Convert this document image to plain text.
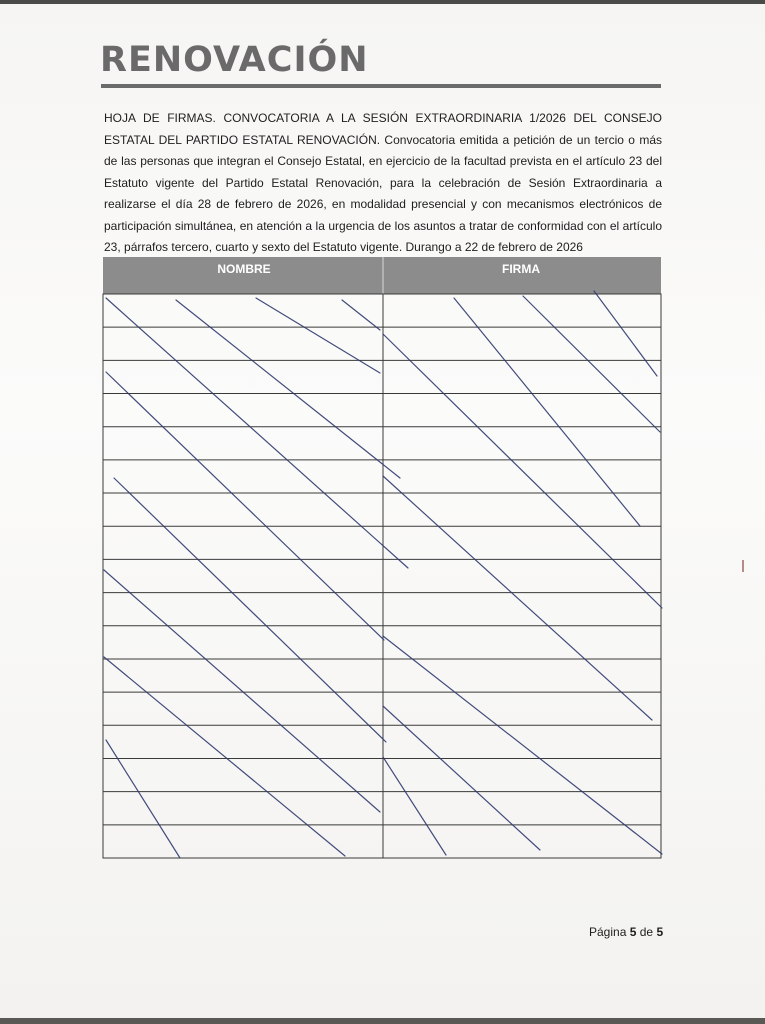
RENOVACIÓN
HOJA DE FIRMAS. CONVOCATORIA A LA SESIÓN EXTRAORDINARIA 1/2026 DEL CONSEJO ESTATAL DEL PARTIDO ESTATAL RENOVACIÓN. Convocatoria emitida a petición de un tercio o más de las personas que integran el Consejo Estatal, en ejercicio de la facultad prevista en el artículo 23 del Estatuto vigente del Partido Estatal Renovación, para la celebración de Sesión Extraordinaria a realizarse el día 28 de febrero de 2026, en modalidad presencial y con mecanismos electrónicos de participación simultánea, en atención a la urgencia de los asuntos a tratar de conformidad con el artículo 23, párrafos tercero, cuarto y sexto del Estatuto vigente. Durango a 22 de febrero de 2026
NOMBRE	FIRMA
Página 5 de 5
